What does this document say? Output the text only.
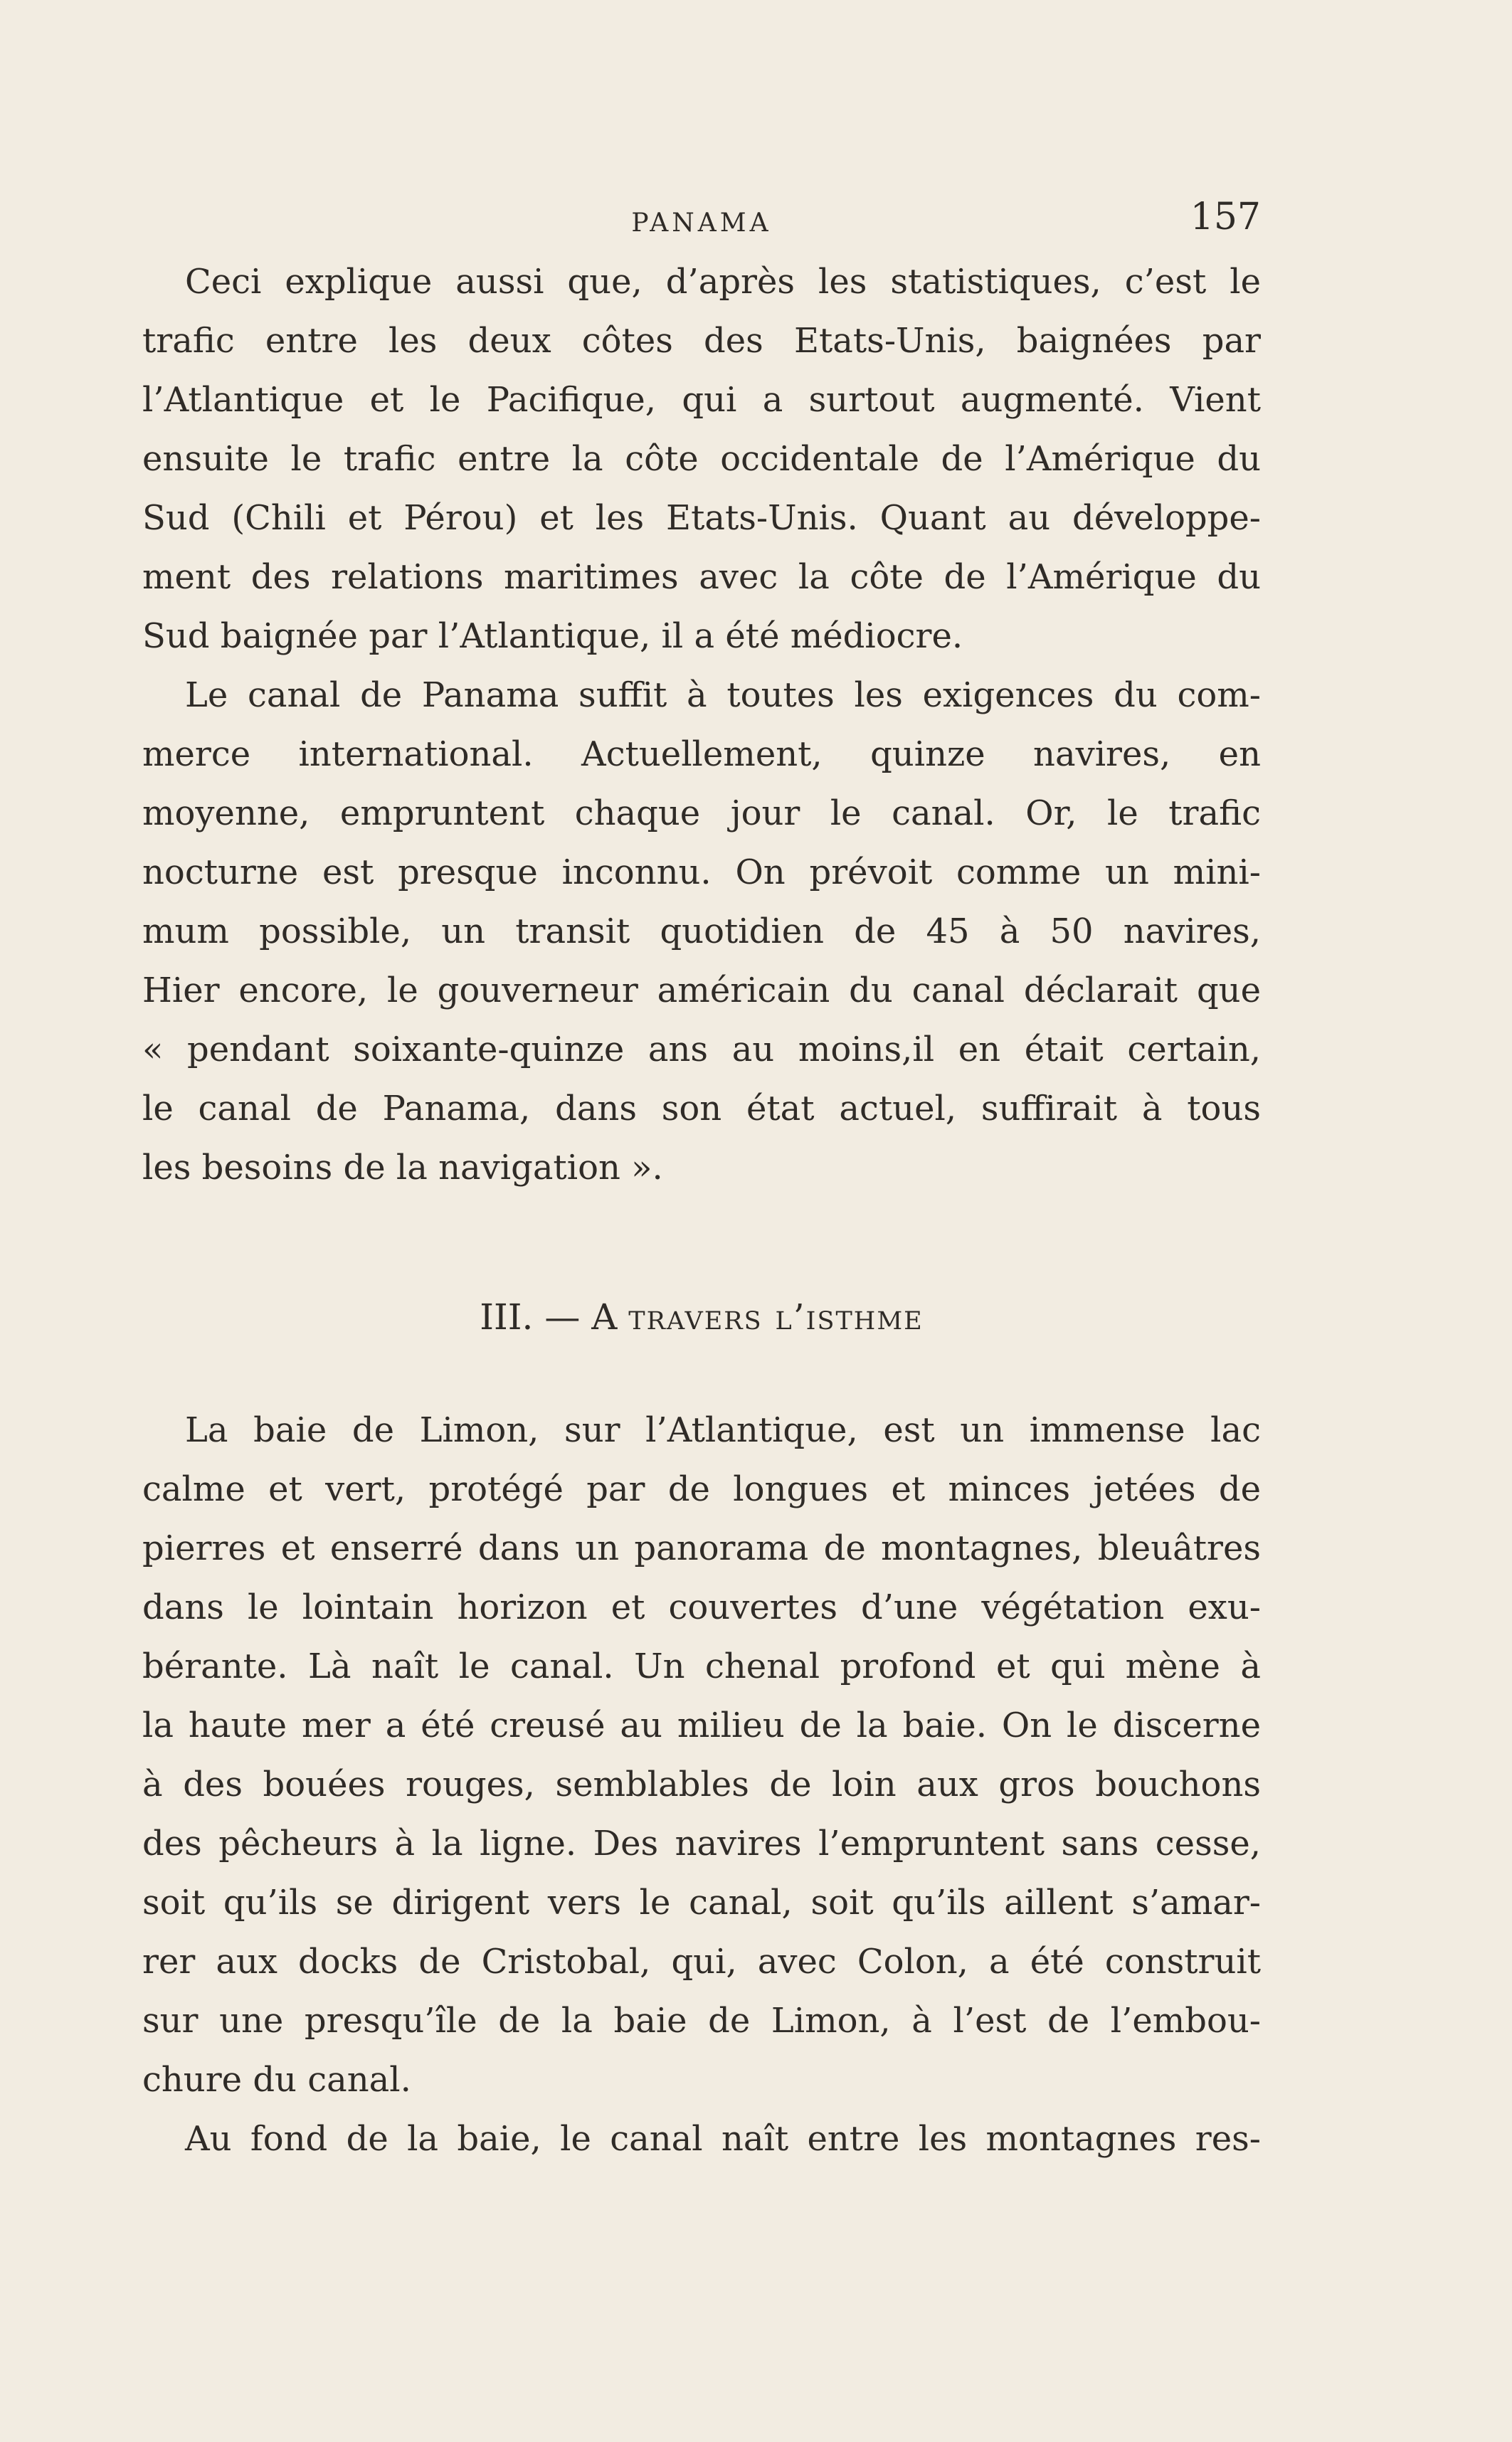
PANAMA	157

Ceci explique aussi que, d’après les statistiques, c’est le
trafic entre les deux côtes des Etats-Unis, baignées par
l’Atlantique et le Pacifique, qui a surtout augmenté. Vient
ensuite le trafic entre la côte occidentale de l’Amérique du
Sud (Chili et Pérou) et les Etats-Unis. Quant au développe-
ment des relations maritimes avec la côte de l’Amérique du
Sud baignée par l’Atlantique, il a été médiocre.

Le canal de Panama suffit à toutes les exigences du com-
merce international. Actuellement, quinze navires, en
moyenne, empruntent chaque jour le canal. Or, le trafic
nocturne est presque inconnu. On prévoit comme un mini-
mum possible, un transit quotidien de 45 à 50 navires,
Hier encore, le gouverneur américain du canal déclarait que
« pendant soixante-quinze ans au moins,il en était certain,
le canal de Panama, dans son état actuel, suffirait à tous
les besoins de la navigation ».

III. — A travers l’isthme

La baie de Limon, sur l’Atlantique, est un immense lac
calme et vert, protégé par de longues et minces jetées de
pierres et enserré dans un panorama de montagnes, bleuâtres
dans le lointain horizon et couvertes d’une végétation exu-
bérante. Là naît le canal. Un chenal profond et qui mène à
la haute mer a été creusé au milieu de la baie. On le discerne
à des bouées rouges, semblables de loin aux gros bouchons
des pêcheurs à la ligne. Des navires l’empruntent sans cesse,
soit qu’ils se dirigent vers le canal, soit qu’ils aillent s’amar-
rer aux docks de Cristobal, qui, avec Colon, a été construit
sur une presqu’île de la baie de Limon, à l’est de l’embou-
chure du canal.

Au fond de la baie, le canal naît entre les montagnes res-
